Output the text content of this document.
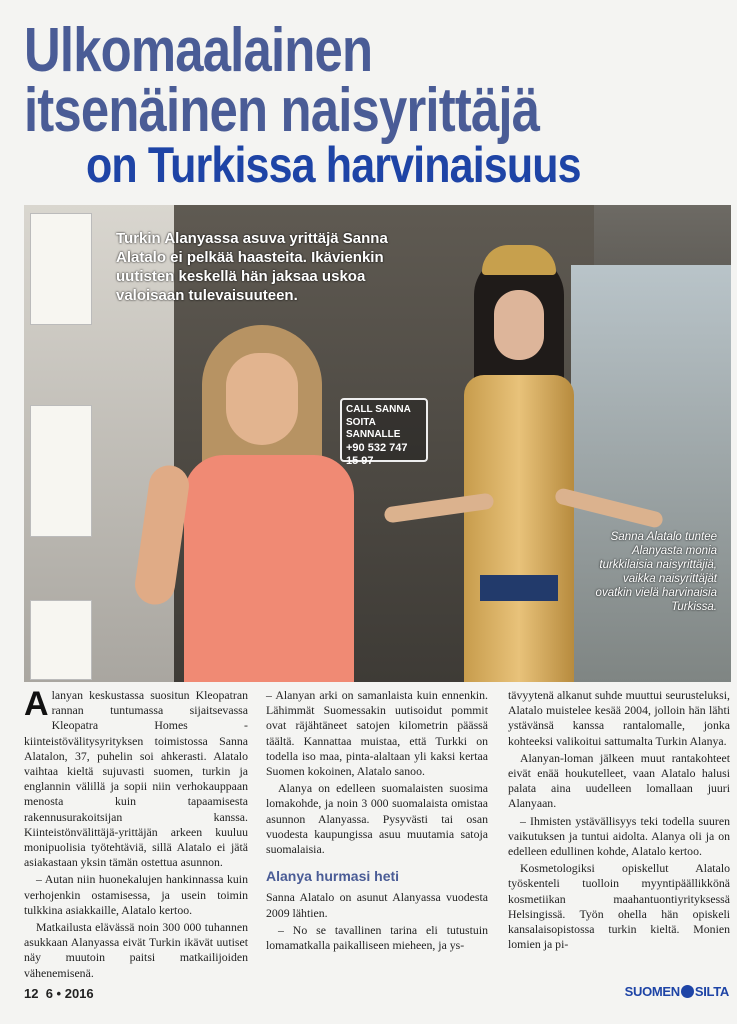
Ulkomaalainen
itsenäinen naisyrittäjä
on Turkissa harvinaisuus
CALL SANNA
SOITA SANNALLE
+90 532 747 15 97
Turkin Alanyassa asuva yrittäjä Sanna Alatalo ei pelkää haasteita. Ikävienkin uutisten keskellä hän jaksaa uskoa valoisaan tulevaisuuteen.
Sanna Alatalo tuntee Alanyasta monia turkkilaisia naisyrittäjiä, vaikka naisyrittäjät ovatkin vielä harvinaisia Turkissa.

Alanyan keskustassa suositun Kleopatran rannan tuntumassa sijaitsevassa Kleopatra Homes -kiinteistövälitysyrityksen toimistossa Sanna Alatalon, 37, puhelin soi ahkerasti. Alatalo vaihtaa kieltä sujuvasti suomen, turkin ja englannin välillä ja sopii niin verhokauppaan menosta kuin tapaamisesta rakennusurakoitsijan kanssa. Kiinteistönvälittäjä-yrittäjän arkeen kuuluu monipuolisia työtehtäviä, sillä Alatalo ei jätä asiakastaan yksin tämän ostettua asunnon.

– Autan niin huonekalujen hankinnassa kuin verhojenkin ostamisessa, ja usein toimin tulkkina asiakkaille, Alatalo kertoo.

Matkailusta elävässä noin 300 000 tuhannen asukkaan Alanyassa eivät Turkin ikävät uutiset näy muutoin paitsi matkailijoiden vähenemisenä.

– Alanyan arki on samanlaista kuin ennenkin. Lähimmät Suomessakin uutisoidut pommit ovat räjähtäneet satojen kilometrin päässä täältä. Kannattaa muistaa, että Turkki on todella iso maa, pinta-alaltaan yli kaksi kertaa Suomen kokoinen, Alatalo sanoo.

Alanya on edelleen suomalaisten suosima lomakohde, ja noin 3 000 suomalaista omistaa asunnon Alanyassa. Pysyvästi tai osan vuodesta kaupungissa asuu muutamia satoja suomalaisia.

Alanya hurmasi heti

Sanna Alatalo on asunut Alanyassa vuodesta 2009 lähtien.

– No se tavallinen tarina eli tutustuin lomamatkalla paikalliseen mieheen, ja ys-

tävyytenä alkanut suhde muuttui seurusteluksi, Alatalo muistelee kesää 2004, jolloin hän lähti ystävänsä kanssa rantalomalle, jonka kohteeksi valikoitui sattumalta Turkin Alanya.

Alanyan-loman jälkeen muut rantakohteet eivät enää houkutelleet, vaan Alatalo halusi palata aina uudelleen lomallaan juuri Alanyaan.

– Ihmisten ystävällisyys teki todella suuren vaikutuksen ja tuntui aidolta. Alanya oli ja on edelleen edullinen kohde, Alatalo kertoo.

Kosmetologiksi opiskellut Alatalo työskenteli tuolloin myyntipäällikkönä kosmetiikan maahantuontiyrityksessä Helsingissä. Työn ohella hän opiskeli kansalaisopistossa turkin kieltä. Monien lomien ja pi-

12 6 • 2016	SUOMEN SILTA
